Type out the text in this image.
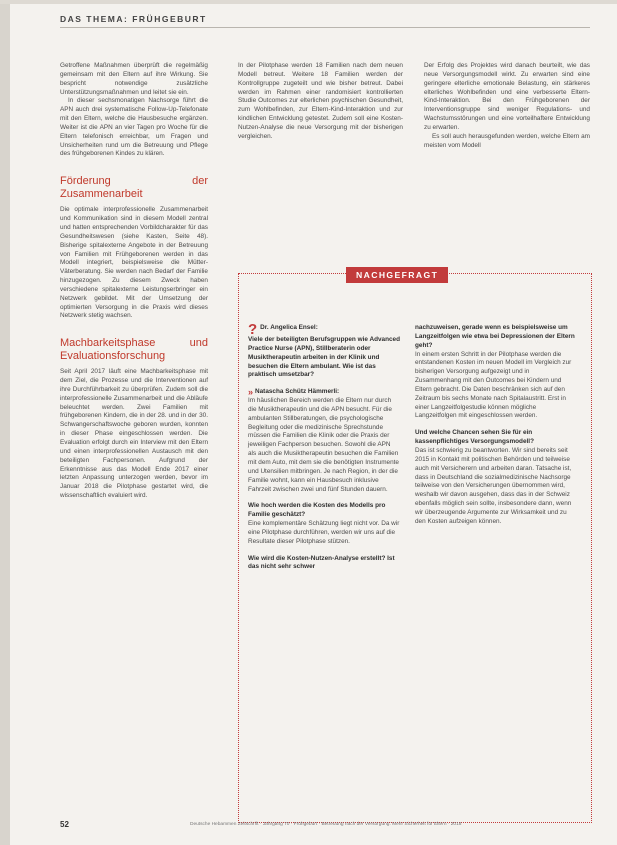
DAS THEMA: FRÜHGEBURT

Getroffene Maßnahmen überprüft die regelmäßig gemeinsam mit den Eltern auf ihre Wirkung. Sie bespricht notwendige zusätzliche Unterstützungsmaßnahmen und leitet sie ein.

In dieser sechsmonatigen Nachsorge führt die APN auch drei systematische Follow-Up-Telefonate mit den Eltern, welche die Hausbesuche ergänzen. Weiter ist die APN an vier Tagen pro Woche für die Eltern telefonisch erreichbar, um Fragen und Unsicherheiten rund um die Betreuung und Pflege des frühgeborenen Kindes zu klären.

Förderung der Zusammenarbeit

Die optimale interprofessionelle Zusammenarbeit und Kommunikation sind in diesem Modell zentral und hatten entsprechenden Vorbildcharakter für das Gesundheitswesen (siehe Kasten, Seite 48). Bisherige spitalexterne Angebote in der Betreuung von Familien mit Frühgeborenen werden in das Modell integriert, beispielsweise die Mütter-Väterberatung. Sie werden nach Bedarf der Familie hinzugezogen. Zu diesem Zweck haben verschiedene spitalexterne Leistungserbringer ein Netzwerk gebildet. Mit der Umsetzung der optimierten Versorgung in die Praxis wird dieses Netzwerk stetig wachsen.

Machbarkeitsphase und Evaluationsforschung

Seit April 2017 läuft eine Machbarkeitsphase mit dem Ziel, die Prozesse und die Interventionen auf ihre Durchführbarkeit zu überprüfen. Zudem soll die interprofessionelle Zusammenarbeit und die Abläufe beleuchtet werden. Zwei Familien mit frühgeborenen Kindern, die in der 28. und in der 30. Schwangerschaftswoche geboren wurden, konnten in dieser Phase eingeschlossen werden. Die Evaluation erfolgt durch ein Interview mit den Eltern und einen interprofessionellen Austausch mit den beteiligten Fachpersonen. Aufgrund der Erkenntnisse aus das Modell Ende 2017 einer letzten Anpassung unterzogen werden, bevor im Januar 2018 die Pilotphase gestartet wird, die wissenschaftlich evaluiert wird.

In der Pilotphase werden 18 Familien nach dem neuen Modell betreut. Weitere 18 Familien werden der Kontrollgruppe zugeteilt und wie bisher betreut. Dabei werden im Rahmen einer randomisiert kontrollierten Studie Outcomes zur elterlichen psychischen Gesundheit, zum Wohlbefinden, zur Eltern-Kind-Interaktion und zur kindlichen Entwicklung getestet. Zudem soll eine Kosten-Nutzen-Analyse die neue Versorgung mit der bisherigen vergleichen.

Der Erfolg des Projektes wird danach beurteilt, wie das neue Versorgungsmodell wirkt. Zu erwarten sind eine geringere elterliche emotionale Belastung, ein stärkeres elterliches Wohlbefinden und eine verbesserte Eltern-Kind-Interaktion. Bei den Frühgeborenen der Interventionsgruppe sind weniger Regulations- und Wachstumsstörungen und eine vorteilhaftere Entwicklung zu erwarten.

Es soll auch herausgefunden werden, welche Eltern am meisten vom Modell

NACHGEFRAGT
? Dr. Angelica Ensel:
Viele der beteiligten Berufsgruppen wie Advanced Practice Nurse (APN), Stillberaterin oder Musiktherapeutin arbeiten in der Klinik und besuchen die Eltern ambulant. Wie ist das praktisch umsetzbar?
» Natascha Schütz Hämmerli:
Im häuslichen Bereich werden die Eltern nur durch die Musiktherapeutin und die APN besucht. Für die ambulanten Stillberatungen, die psychologische Begleitung oder die medizinische Sprechstunde müssen die Familien die Klinik oder die Praxis der jeweiligen Fachperson besuchen. Sowohl die APN als auch die Musiktherapeutin besuchen die Familien mit dem Auto, mit dem sie die benötigten Instrumente und Utensilien mitbringen. Je nach Region, in der die Familie wohnt, kann ein Hausbesuch inklusive Fahrzeit zwischen zwei und fünf Stunden dauern.
Wie hoch werden die Kosten des Modells pro Familie geschätzt?
Eine komplementäre Schätzung liegt nicht vor. Da wir eine Pilotphase durchführen, werden wir uns auf die Resultate dieser Pilotphase stützen.
Wie wird die Kosten-Nutzen-Analyse erstellt? Ist das nicht sehr schwer
nachzuweisen, gerade wenn es beispielsweise um Langzeitfolgen wie etwa bei Depressionen der Eltern geht?
In einem ersten Schritt in der Pilotphase werden die entstandenen Kosten im neuen Modell im Vergleich zur bisherigen Versorgung aufgezeigt und in Zusammenhang mit den Outcomes bei Kindern und Eltern gebracht. Die Daten beschränken sich auf den Zeitraum bis sechs Monate nach Spitalaustritt. Erst in einer Langzeitfolgestudie können mögliche Langzeitfolgen mit eingeschlossen werden.
Und welche Chancen sehen Sie für ein kassenpflichtiges Versorgungsmodell?
Das ist schwierig zu beantworten. Wir sind bereits seit 2015 in Kontakt mit politischen Behörden und teilweise auch mit Versicherern und arbeiten daran. Tatsache ist, dass in Deutschland die sozialmedizinische Nachsorge teilweise von den Versicherungen übernommen wird, weshalb wir davon ausgehen, dass das in der Schweiz ebenfalls möglich sein sollte, insbesondere dann, wenn wir überzeugende Argumente zur Wirksamkeit und zu den Kosten aufzeigen können.
52	Deutsche Hebammen Zeitschrift · Jahrgang 70 · Frühgeburt · Betreuung nach der Versorgung: Mehr Sicherheit für Eltern · 2018
